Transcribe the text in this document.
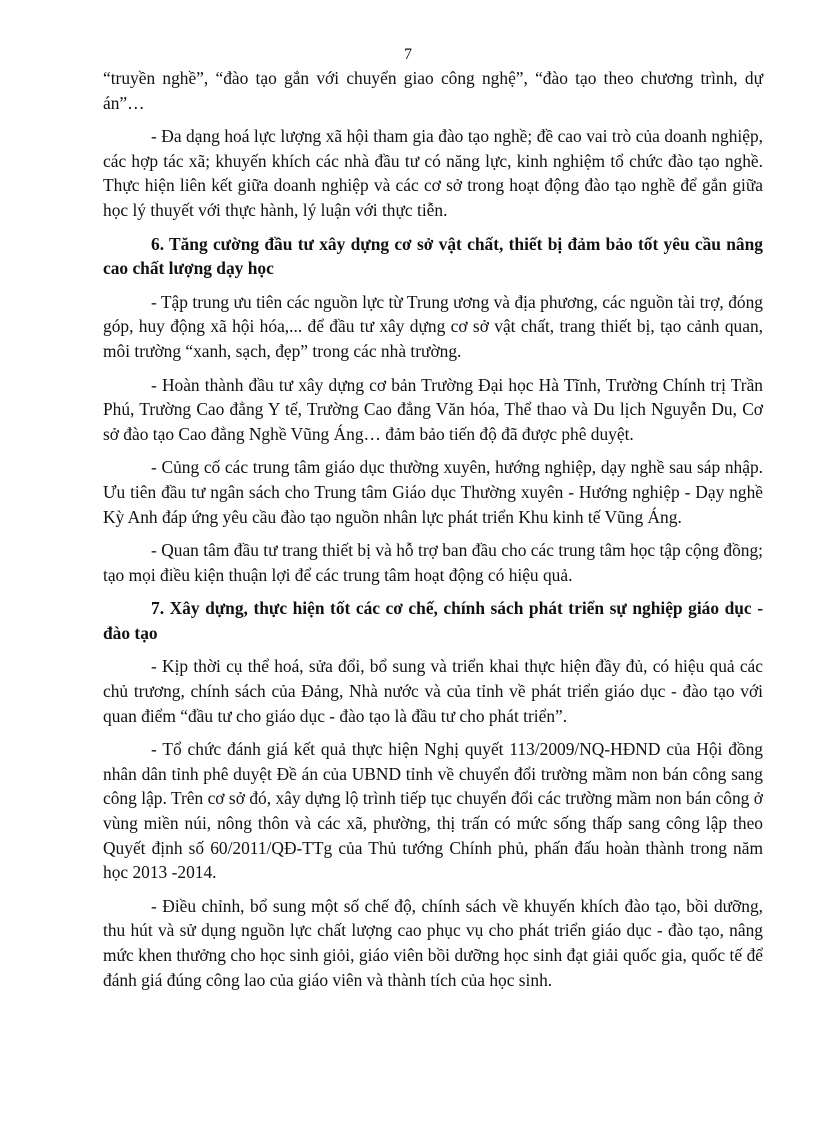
7

“truyền nghề”, “đào tạo gắn với chuyển giao công nghệ”, “đào tạo theo chương trình, dự án”…

- Đa dạng hoá lực lượng xã hội tham gia đào tạo nghề; đề cao vai trò của doanh nghiệp, các hợp tác xã; khuyến khích các nhà đầu tư có năng lực, kinh nghiệm tổ chức đào tạo nghề. Thực hiện liên kết giữa doanh nghiệp và các cơ sở trong hoạt động đào tạo nghề để gắn giữa học lý thuyết với thực hành, lý luận với thực tiễn.

6. Tăng cường đầu tư xây dựng cơ sở vật chất, thiết bị đảm bảo tốt yêu cầu nâng cao chất lượng dạy học

- Tập trung ưu tiên các nguồn lực từ Trung ương và địa phương, các nguồn tài trợ, đóng góp, huy động xã hội hóa,... để đầu tư xây dựng cơ sở vật chất, trang thiết bị, tạo cảnh quan, môi trường “xanh, sạch, đẹp” trong các nhà trường.

- Hoàn thành đầu tư xây dựng cơ bản Trường Đại học Hà Tĩnh, Trường Chính trị Trần Phú, Trường Cao đẳng Y tế, Trường Cao đẳng Văn hóa, Thể thao và Du lịch Nguyễn Du, Cơ sở đào tạo Cao đẳng Nghề Vũng Áng… đảm bảo tiến độ đã được phê duyệt.

- Củng cố các trung tâm giáo dục thường xuyên, hướng nghiệp, dạy nghề sau sáp nhập. Ưu tiên đầu tư ngân sách cho Trung tâm Giáo dục Thường xuyên - Hướng nghiệp - Dạy nghề Kỳ Anh đáp ứng yêu cầu đào tạo nguồn nhân lực phát triển Khu kinh tế Vũng Áng.

- Quan tâm đầu tư trang thiết bị và hỗ trợ ban đầu cho các trung tâm học tập cộng đồng; tạo mọi điều kiện thuận lợi để các trung tâm hoạt động có hiệu quả.

7. Xây dựng, thực hiện tốt các cơ chế, chính sách phát triển sự nghiệp giáo dục - đào tạo

- Kịp thời cụ thể hoá, sửa đổi, bổ sung và triển khai thực hiện đầy đủ, có hiệu quả các chủ trương, chính sách của Đảng, Nhà nước và của tỉnh về phát triển giáo dục - đào tạo với quan điểm “đầu tư cho giáo dục - đào tạo là đầu tư cho phát triển”.

- Tổ chức đánh giá kết quả thực hiện Nghị quyết 113/2009/NQ-HĐND của Hội đồng nhân dân tỉnh phê duyệt Đề án của UBND tỉnh về chuyển đổi trường mầm non bán công sang công lập. Trên cơ sở đó, xây dựng lộ trình tiếp tục chuyển đổi các trường mầm non bán công ở vùng miền núi, nông thôn và các xã, phường, thị trấn có mức sống thấp sang công lập theo Quyết định số 60/2011/QĐ-TTg của Thủ tướng Chính phủ, phấn đấu hoàn thành trong năm học 2013 -2014.

- Điều chỉnh, bổ sung một số chế độ, chính sách về khuyến khích đào tạo, bồi dưỡng, thu hút và sử dụng nguồn lực chất lượng cao phục vụ cho phát triển giáo dục - đào tạo, nâng mức khen thưởng cho học sinh giỏi, giáo viên bồi dưỡng học sinh đạt giải quốc gia, quốc tế để đánh giá đúng công lao của giáo viên và thành tích của học sinh.
